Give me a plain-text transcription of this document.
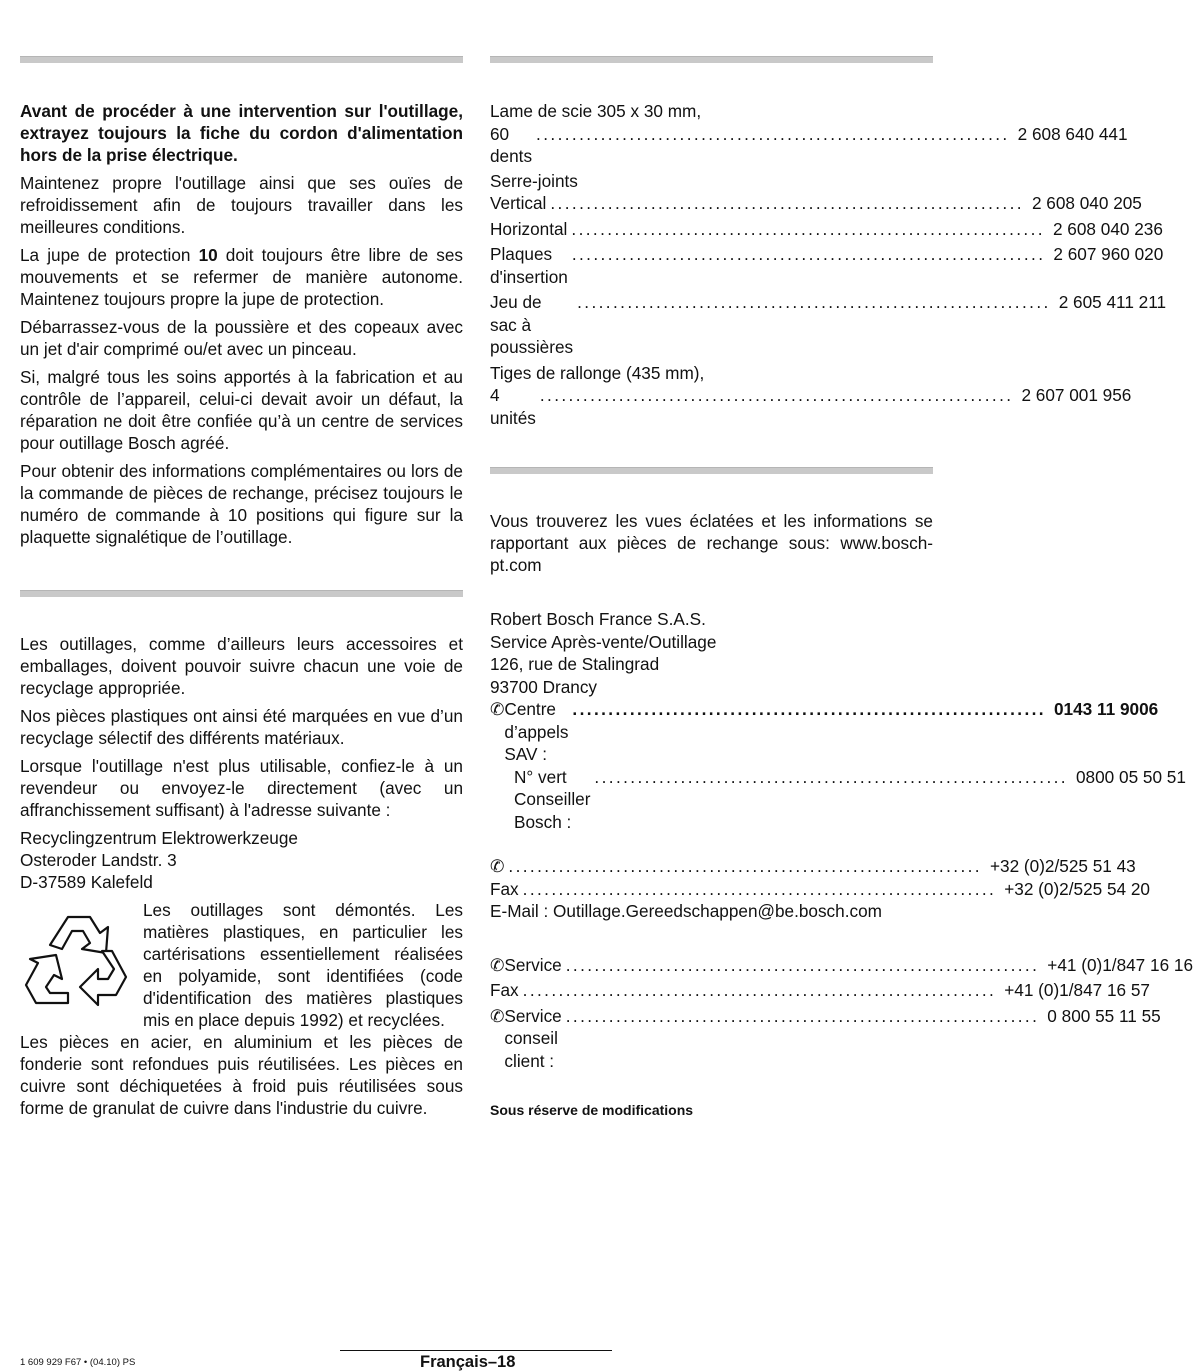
Avant de procéder à une intervention sur l'outillage, extrayez toujours la fiche du cordon d'alimentation hors de la prise électrique.

Maintenez propre l'outillage ainsi que ses ouïes de refroidissement afin de toujours travailler dans les meilleures conditions.

La jupe de protection 10 doit toujours être libre de ses mouvements et se refermer de manière autonome. Maintenez toujours propre la jupe de protection.

Débarrassez-vous de la poussière et des copeaux avec un jet d'air comprimé ou/et avec un pinceau.

Si, malgré tous les soins apportés à la fabrication et au contrôle de l’appareil, celui-ci devait avoir un défaut, la réparation ne doit être confiée qu’à un centre de services pour outillage Bosch agréé.

Pour obtenir des informations complémentaires ou lors de la commande de pièces de rechange, précisez toujours le numéro de commande à 10 positions qui figure sur la plaquette signalétique de l’outillage.

Les outillages, comme d’ailleurs leurs accessoires et emballages, doivent pouvoir suivre chacun une voie de recyclage appropriée.

Nos pièces plastiques ont ainsi été marquées en vue d’un recyclage sélectif des différents matériaux.

Lorsque l'outillage n'est plus utilisable, confiez-le à un revendeur ou envoyez-le directement (avec un affranchissement suffisant) à l'adresse suivante :

Recyclingzentrum Elektrowerkzeuge

Osteroder Landstr. 3

D-37589 Kalefeld

Les outillages sont démontés. Les matières plastiques, en particulier les cartérisations essentiellement réalisées en polyamide, sont identifiées (code d'identification des matières plastiques mis en place depuis 1992) et recyclées.

Les pièces en acier, en aluminium et les pièces de fonderie sont refondues puis réutilisées. Les pièces en cuivre sont déchiquetées à froid puis réutilisées sous forme de granulat de cuivre dans l'industrie du cuivre.

Lame de scie 305 x 30 mm,
60 dents
.................................................................. 2 608 640 441
Serre-joints
Vertical .................................................................. 2 608 040 205
Horizontal .................................................................. 2 608 040 236
Plaques d'insertion
.................................................................. 2 607 960 020
Jeu de sac à poussières
.................................................................. 2 605 411 211
Tiges de rallonge (435 mm),
4 unités
.................................................................. 2 607 001 956

Vous trouverez les vues éclatées et les informations se rapportant aux pièces de rechange sous: www.bosch-pt.com

Robert Bosch France S.A.S.
Service Après-vente/Outillage
126, rue de Stalingrad
93700 Drancy
✆ Centre d’appels SAV :
.................................................................. 0143 11 9006
N° vert Conseiller Bosch :
.................................................................. 0800 05 50 51
✆ .................................................................. +32 (0)2/525 51 43
Fax .................................................................. +32 (0)2/525 54 20
E-Mail : Outillage.Gereedschappen@be.bosch.com
✆ Service .................................................................. +41 (0)1/847 16 16
Fax .................................................................. +41 (0)1/847 16 57
✆ Service conseil client :
.................................................................. 0 800 55 11 55
Sous réserve de modifications
1 609 929 F67 • (04.10) PS	Français–18
